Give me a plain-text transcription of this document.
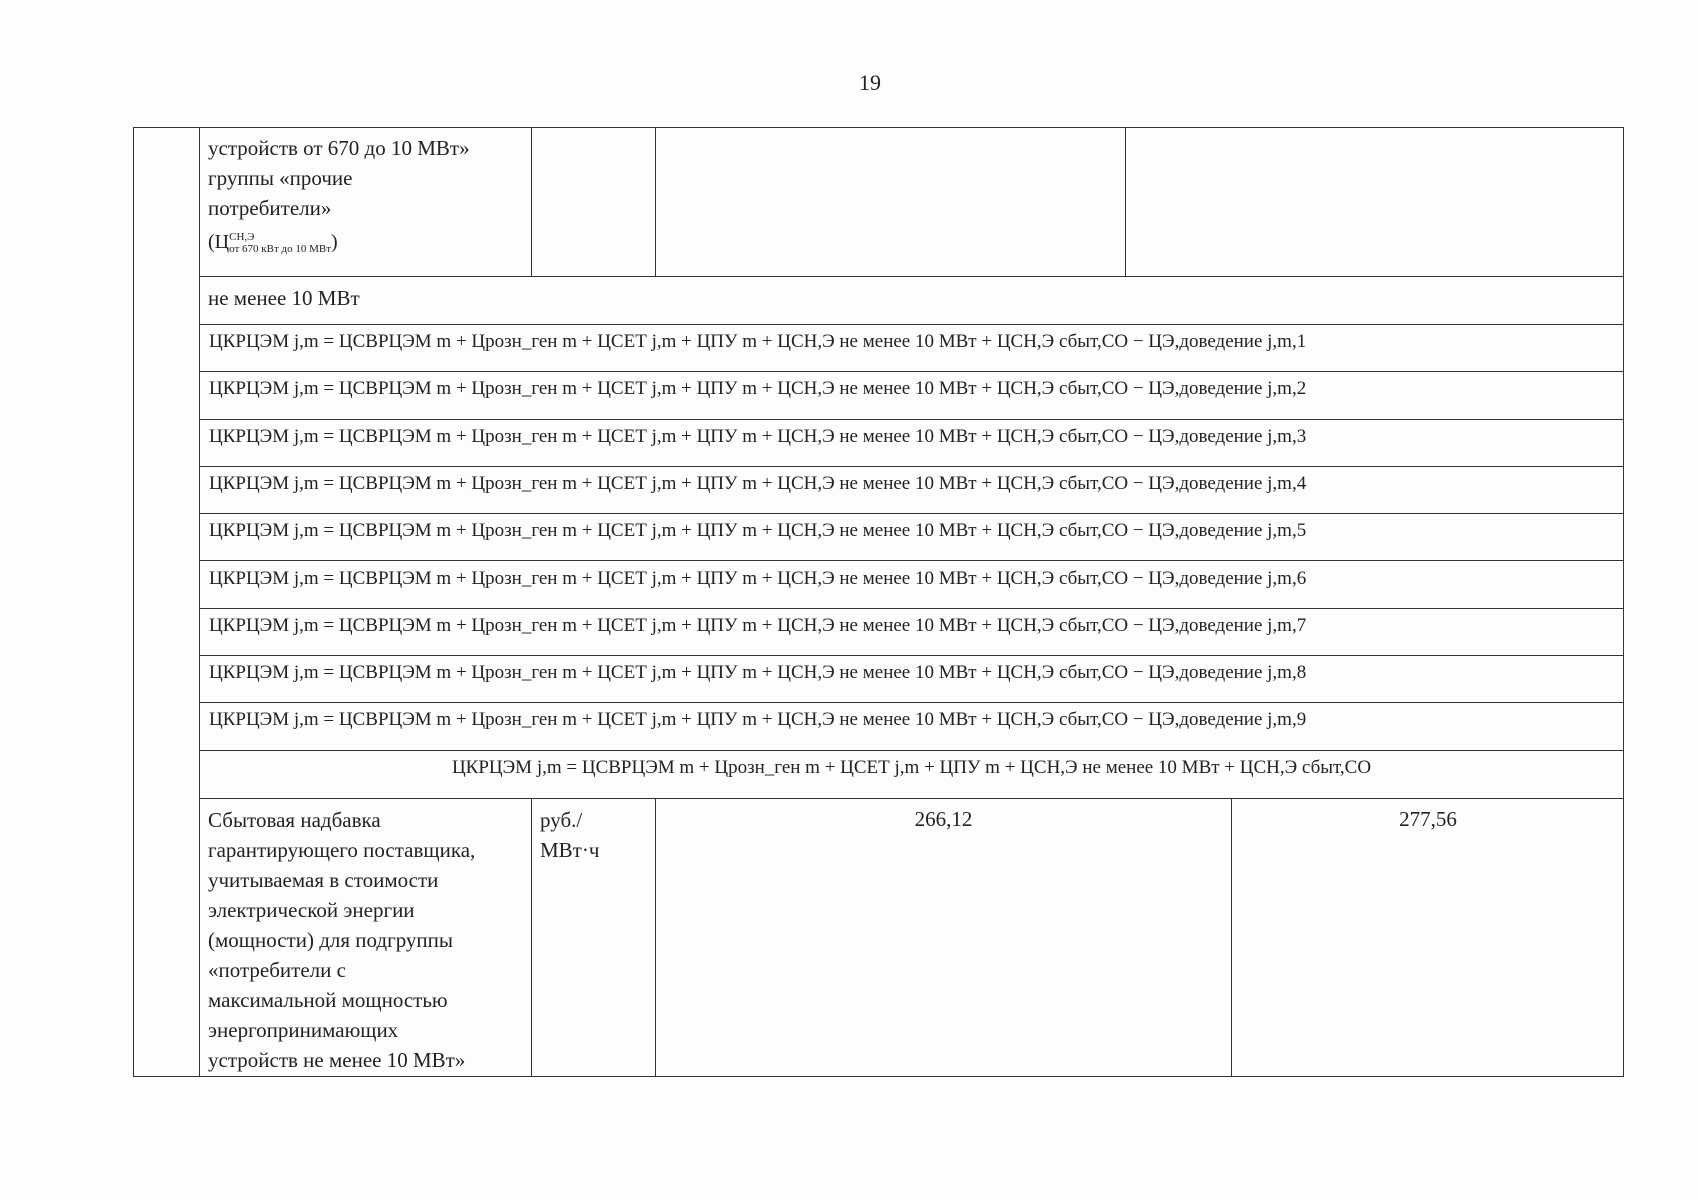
19
устройств от 670 до 10 МВт»
группы «прочие
потребители»
(Ц СН,Э
от 670 кВт до 10 МВт )
не менее 10 МВт
ЦКРЦЭМ j,m = ЦСВРЦЭМ m + Црозн_ген m + ЦСЕТ j,m + ЦПУ m + ЦСН,Э не менее 10 МВт + ЦСН,Э сбыт,СО − ЦЭ,доведение j,m,1
ЦКРЦЭМ j,m = ЦСВРЦЭМ m + Црозн_ген m + ЦСЕТ j,m + ЦПУ m + ЦСН,Э не менее 10 МВт + ЦСН,Э сбыт,СО − ЦЭ,доведение j,m,2
ЦКРЦЭМ j,m = ЦСВРЦЭМ m + Црозн_ген m + ЦСЕТ j,m + ЦПУ m + ЦСН,Э не менее 10 МВт + ЦСН,Э сбыт,СО − ЦЭ,доведение j,m,3
ЦКРЦЭМ j,m = ЦСВРЦЭМ m + Црозн_ген m + ЦСЕТ j,m + ЦПУ m + ЦСН,Э не менее 10 МВт + ЦСН,Э сбыт,СО − ЦЭ,доведение j,m,4
ЦКРЦЭМ j,m = ЦСВРЦЭМ m + Црозн_ген m + ЦСЕТ j,m + ЦПУ m + ЦСН,Э не менее 10 МВт + ЦСН,Э сбыт,СО − ЦЭ,доведение j,m,5
ЦКРЦЭМ j,m = ЦСВРЦЭМ m + Црозн_ген m + ЦСЕТ j,m + ЦПУ m + ЦСН,Э не менее 10 МВт + ЦСН,Э сбыт,СО − ЦЭ,доведение j,m,6
ЦКРЦЭМ j,m = ЦСВРЦЭМ m + Црозн_ген m + ЦСЕТ j,m + ЦПУ m + ЦСН,Э не менее 10 МВт + ЦСН,Э сбыт,СО − ЦЭ,доведение j,m,7
ЦКРЦЭМ j,m = ЦСВРЦЭМ m + Црозн_ген m + ЦСЕТ j,m + ЦПУ m + ЦСН,Э не менее 10 МВт + ЦСН,Э сбыт,СО − ЦЭ,доведение j,m,8
ЦКРЦЭМ j,m = ЦСВРЦЭМ m + Црозн_ген m + ЦСЕТ j,m + ЦПУ m + ЦСН,Э не менее 10 МВт + ЦСН,Э сбыт,СО − ЦЭ,доведение j,m,9
ЦКРЦЭМ j,m = ЦСВРЦЭМ m + Црозн_ген m + ЦСЕТ j,m + ЦПУ m + ЦСН,Э не менее 10 МВт + ЦСН,Э сбыт,СО
Сбытовая надбавка
гарантирующего поставщика,
учитываемая в стоимости
электрической энергии
(мощности) для подгруппы
«потребители с
максимальной мощностью
энергопринимающих
устройств не менее 10 МВт»
руб./
МВт·ч
266,12	277,56
